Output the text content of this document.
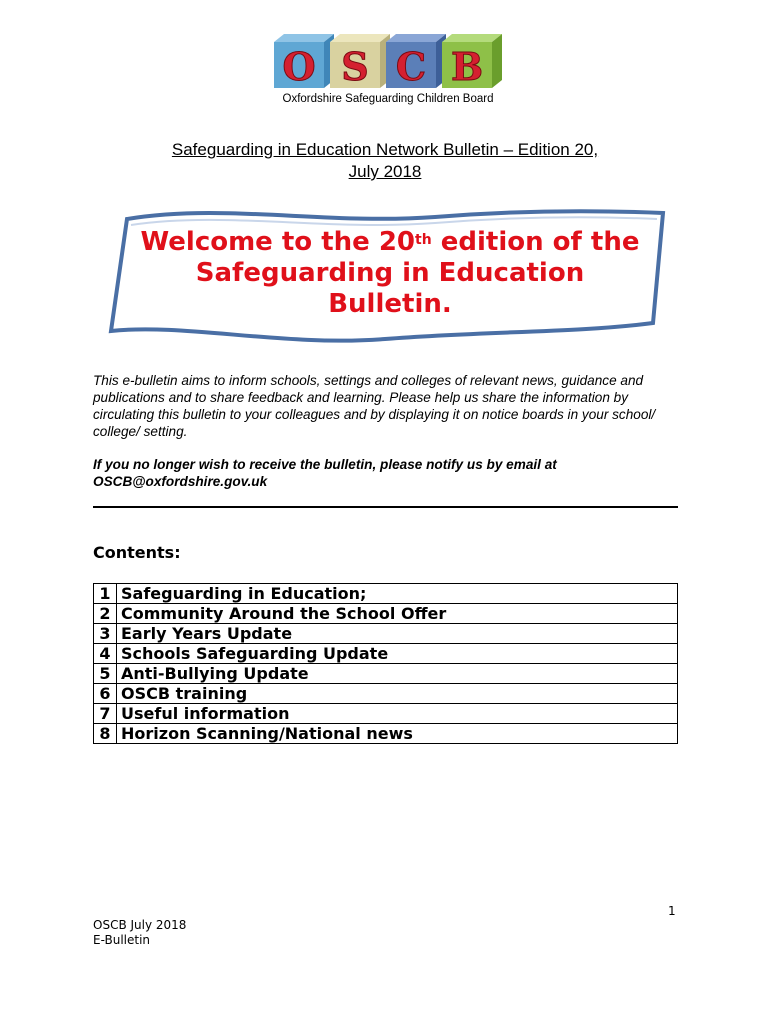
O S C B
Oxfordshire Safeguarding Children Board
Safeguarding in Education Network Bulletin – Edition 20,
July 2018
Welcome to the 20th edition of the Safeguarding in Education Bulletin.
This e-bulletin aims to inform schools, settings and colleges of relevant news, guidance and publications and to share feedback and learning. Please help us share the information by circulating this bulletin to your colleagues and by displaying it on notice boards in your school/ college/ setting.
If you no longer wish to receive the bulletin, please notify us by email at OSCB@oxfordshire.gov.uk
Contents:
1	Safeguarding in Education;
2	Community Around the School Offer
3	Early Years Update
4	Schools Safeguarding Update
5	Anti-Bullying Update
6	OSCB training
7	Useful information
8	Horizon Scanning/National news
1
OSCB July 2018
E-Bulletin
